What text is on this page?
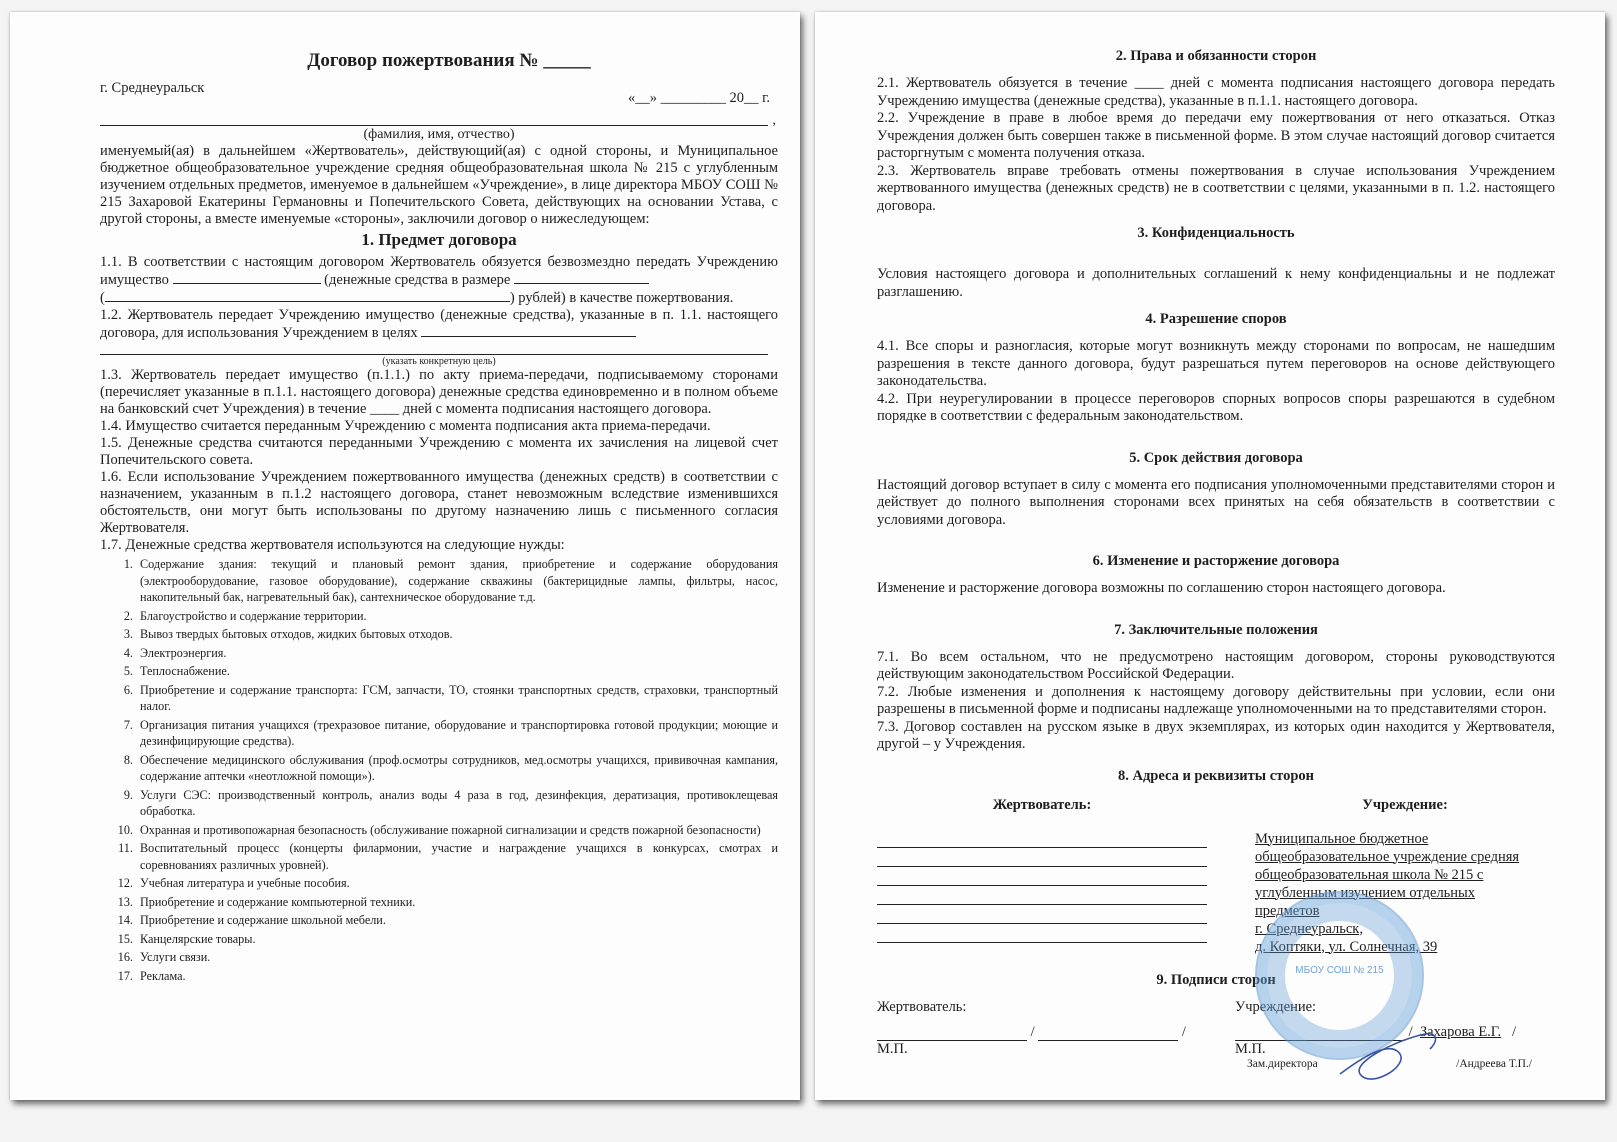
Договор пожертвования № _____
г. Среднеуральск
«__» _________ 20__ г.
,
(фамилия, имя, отчество)

именуемый(ая) в дальнейшем «Жертвователь», действующий(ая) с одной стороны, и Муниципальное бюджетное общеобразовательное учреждение средняя общеобразовательная школа № 215 с углубленным изучением отдельных предметов, именуемое в дальнейшем «Учреждение», в лице директора МБОУ СОШ № 215 Захаровой Екатерины Германовны и Попечительского Совета, действующих на основании Устава, с другой стороны, а вместе именуемые «стороны», заключили договор о нижеследующем:

1. Предмет договора

1.1. В соответствии с настоящим договором Жертвователь обязуется безвозмездно передать Учреждению имущество	(денежные средства в размере
(	) рублей) в качестве пожертвования.

1.2. Жертвователь передает Учреждению имущество (денежные средства), указанные в п. 1.1. настоящего договора, для использования Учреждением в целях

(указать конкретную цель)

1.3. Жертвователь передает имущество (п.1.1.) по акту приема-передачи, подписываемому сторонами (перечисляет указанные в п.1.1. настоящего договора) денежные средства единовременно и в полном объеме на банковский счет Учреждения) в течение ____ дней с момента подписания настоящего договора.

1.4. Имущество считается переданным Учреждению с момента подписания акта приема-передачи.

1.5. Денежные средства считаются переданными Учреждению с момента их зачисления на лицевой счет Попечительского совета.

1.6. Если использование Учреждением пожертвованного имущества (денежных средств) в соответствии с назначением, указанным в п.1.2 настоящего договора, станет невозможным вследствие изменившихся обстоятельств, они могут быть использованы по другому назначению лишь с письменного согласия Жертвователя.

1.7. Денежные средства жертвователя используются на следующие нужды:

1. Содержание здания: текущий и плановый ремонт здания, приобретение и содержание оборудования (электрооборудование, газовое оборудование), содержание скважины (бактерицидные лампы, фильтры, насос, накопительный бак, нагревательный бак), сантехническое оборудование т.д.
2. Благоустройство и содержание территории.
3. Вывоз твердых бытовых отходов, жидких бытовых отходов.
4. Электроэнергия.
5. Теплоснабжение.
6. Приобретение и содержание транспорта: ГСМ, запчасти, ТО, стоянки транспортных средств, страховки, транспортный налог.
7. Организация питания учащихся (трехразовое питание, оборудование и транспортировка готовой продукции; моющие и дезинфицирующие средства).
8. Обеспечение медицинского обслуживания (проф.осмотры сотрудников, мед.осмотры учащихся, прививочная кампания, содержание аптечки «неотложной помощи»).
9. Услуги СЭС: производственный контроль, анализ воды 4 раза в год, дезинфекция, дератизация, противоклещевая обработка.
10. Охранная и противопожарная безопасность (обслуживание пожарной сигнализации и средств пожарной безопасности)
11. Воспитательный процесс (концерты филармонии, участие и награждение учащихся в конкурсах, смотрах и соревнованиях различных уровней).
12. Учебная литература и учебные пособия.
13. Приобретение и содержание компьютерной техники.
14. Приобретение и содержание школьной мебели.
15. Канцелярские товары.
16. Услуги связи.
17. Реклама.
2. Права и обязанности сторон

2.1. Жертвователь обязуется в течение ____ дней с момента подписания настоящего договора передать Учреждению имущества (денежные средства), указанные в п.1.1. настоящего договора.

2.2. Учреждение в праве в любое время до передачи ему пожертвования от него отказаться. Отказ Учреждения должен быть совершен также в письменной форме. В этом случае настоящий договор считается расторгнутым с момента получения отказа.

2.3. Жертвователь вправе требовать отмены пожертвования в случае использования Учреждением жертвованного имущества (денежных средств) не в соответствии с целями, указанными в п. 1.2. настоящего договора.

3. Конфиденциальность

Условия настоящего договора и дополнительных соглашений к нему конфиденциальны и не подлежат разглашению.

4. Разрешение споров

4.1. Все споры и разногласия, которые могут возникнуть между сторонами по вопросам, не нашедшим разрешения в тексте данного договора, будут разрешаться путем переговоров на основе действующего законодательства.

4.2. При неурегулировании в процессе переговоров спорных вопросов споры разрешаются в судебном порядке в соответствии с федеральным законодательством.

5. Срок действия договора

Настоящий договор вступает в силу с момента его подписания уполномоченными представителями сторон и действует до полного выполнения сторонами всех принятых на себя обязательств в соответствии с условиями договора.

6. Изменение и расторжение договора

Изменение и расторжение договора возможны по соглашению сторон настоящего договора.

7. Заключительные положения

7.1. Во всем остальном, что не предусмотрено настоящим договором, стороны руководствуются действующим законодательством Российской Федерации.

7.2. Любые изменения и дополнения к настоящему договору действительны при условии, если они разрешены в письменной форме и подписаны надлежаще уполномоченными на то представителями сторон.

7.3. Договор составлен на русском языке в двух экземплярах, из которых один находится у Жертвователя, другой – у Учреждения.

8. Адреса и реквизиты сторон
Жертвователь:	Учреждение:
Муниципальное бюджетное
общеобразовательное учреждение средняя
общеобразовательная школа № 215 с
углубленным изучением отдельных
предметов
г. Среднеуральск,
д. Коптяки, ул. Солнечная, 39
9. Подписи сторон
Жертвователь:
/	/
М.П.
МБОУ СОШ № 215
Учреждение:
/ Захарова Е.Г. /
М.П.
Зам.директора	/Андреева Т.П./
